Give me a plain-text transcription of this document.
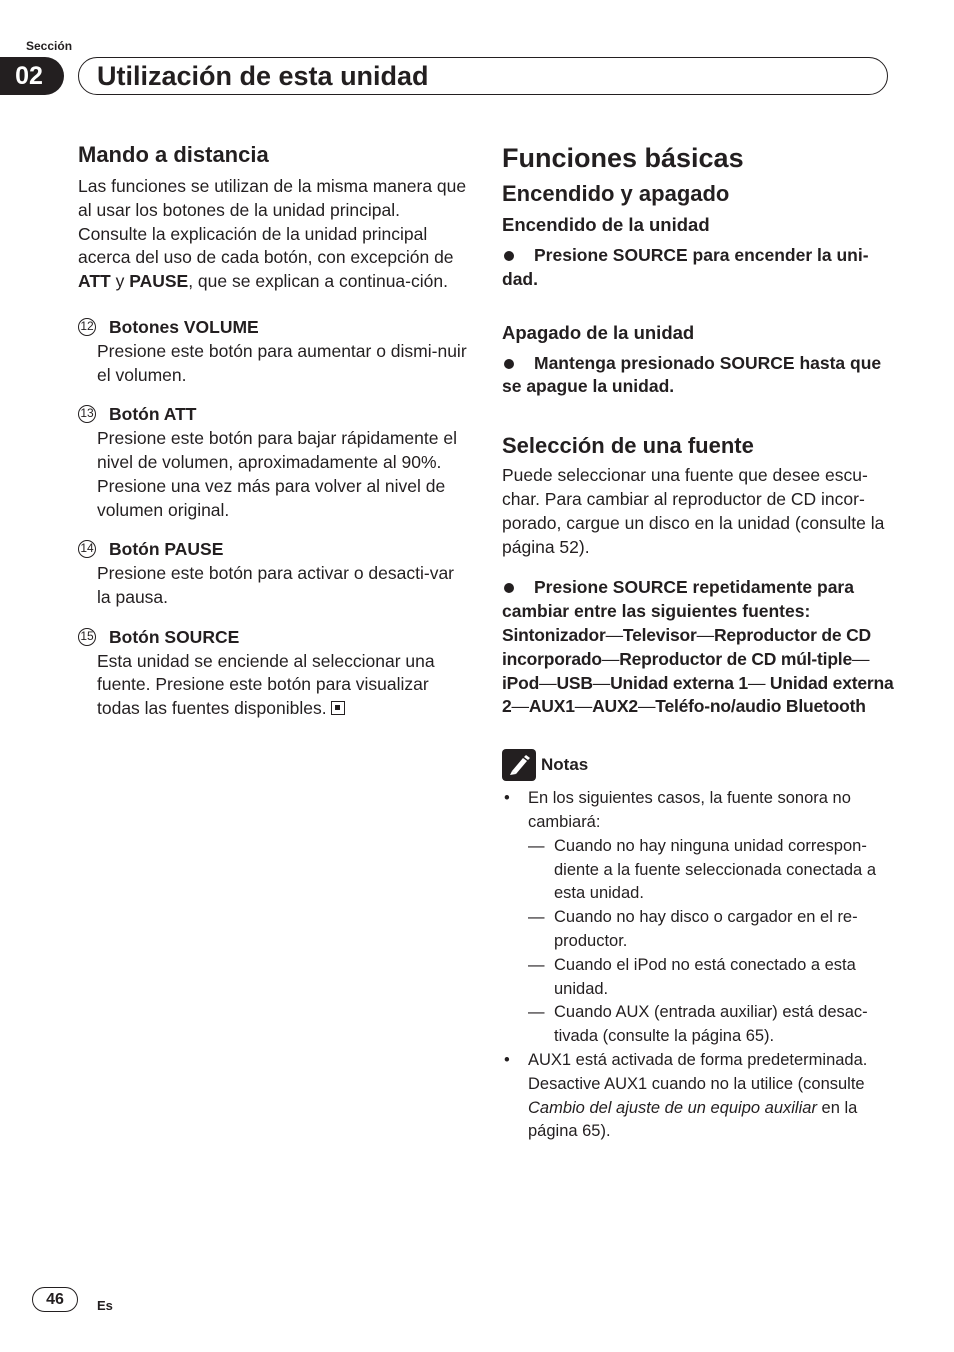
Sección
02	Utilización de esta unidad
Mando a distancia

Las funciones se utilizan de la misma manera que al usar los botones de la unidad principal. Consulte la explicación de la unidad principal acerca del uso de cada botón, con excepción de ATT y PAUSE, que se explican a continua-ción.

12 Botones VOLUME

Presione este botón para aumentar o dismi-nuir el volumen.

13 Botón ATT

Presione este botón para bajar rápidamente el nivel de volumen, aproximadamente al 90%. Presione una vez más para volver al nivel de volumen original.

14 Botón PAUSE

Presione este botón para activar o desacti-var la pausa.

15 Botón SOURCE

Esta unidad se enciende al seleccionar una fuente. Presione este botón para visualizar todas las fuentes disponibles.

Funciones básicas
Encendido y apagado
Encendido de la unidad

Presione SOURCE para encender la uni-dad.

Apagado de la unidad

Mantenga presionado SOURCE hasta que se apague la unidad.

Selección de una fuente

Puede seleccionar una fuente que desee escu-char. Para cambiar al reproductor de CD incor-porado, cargue un disco en la unidad (consulte la página 52).

Presione SOURCE repetidamente para cambiar entre las siguientes fuentes:

Sintonizador—Televisor—Reproductor de CD incorporado—Reproductor de CD múl-tiple—iPod—USB—Unidad externa 1— Unidad externa 2—AUX1—AUX2—Teléfo-no/audio Bluetooth

Notas
• En los siguientes casos, la fuente sonora no cambiará:
— Cuando no hay ninguna unidad correspon-diente a la fuente seleccionada conectada a esta unidad.
— Cuando no hay disco o cargador en el re-productor.
— Cuando el iPod no está conectado a esta unidad.
— Cuando AUX (entrada auxiliar) está desac-tivada (consulte la página 65).
• AUX1 está activada de forma predeterminada. Desactive AUX1 cuando no la utilice (consulte Cambio del ajuste de un equipo auxiliar en la página 65).
46	Es
